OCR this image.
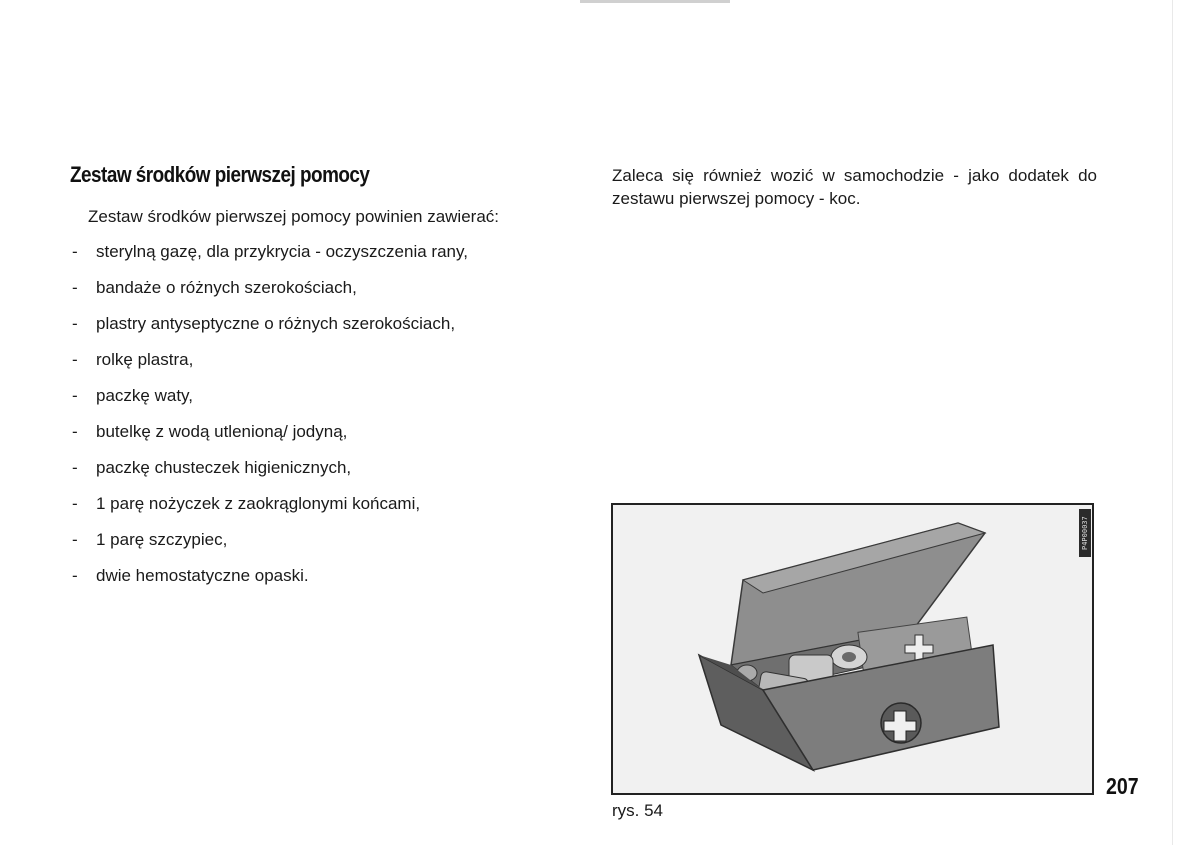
Zestaw środków pierwszej pomocy

Zestaw środków pierwszej pomocy powinien zawierać:

-	sterylną gazę, dla przykrycia - oczyszczenia rany,
-	bandaże o różnych szerokościach,
-	plastry antyseptyczne o różnych szerokościach,
-	rolkę plastra,
-	paczkę waty,
-	butelkę z wodą utlenioną/ jodyną,
-	paczkę chusteczek higienicznych,
-	1 parę nożyczek z zaokrąglonymi końcami,
-	1 parę szczypiec,
-	dwie hemostatyczne opaski.

Zaleca się również wozić w samochodzie - jako dodatek do zestawu pierwszej pomocy - koc.

P4P00037
rys. 54
207
